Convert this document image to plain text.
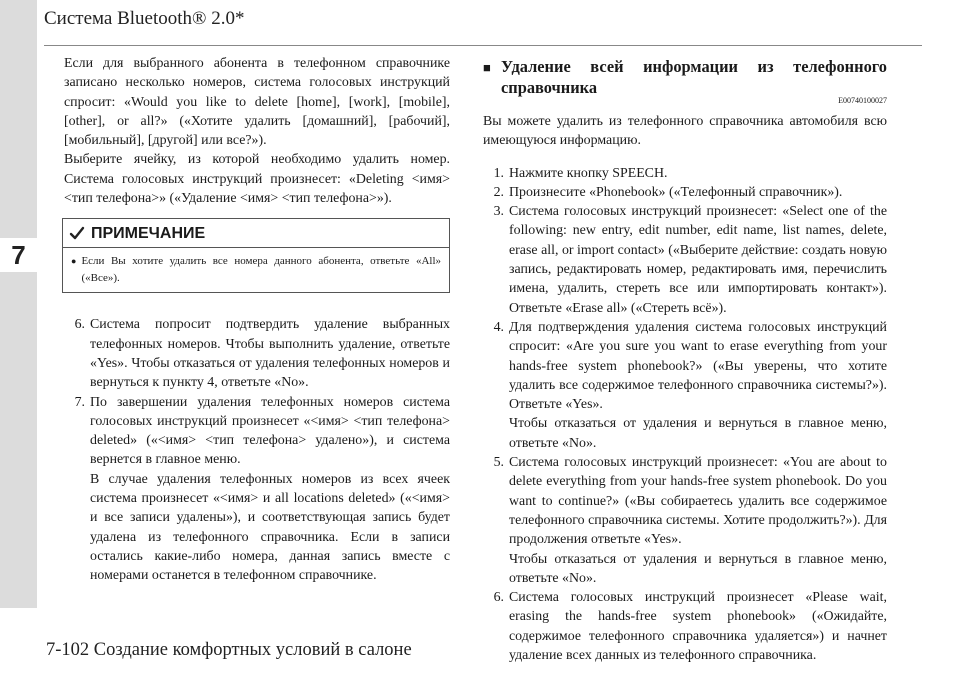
7
Система Bluetooth® 2.0*

Если для выбранного абонента в телефонном справочнике записано несколько номеров, система голосовых инструкций спросит: «Would you like to delete [home], [work], [mobile], [other], or all?» («Хотите удалить [домашний], [рабочий], [мобильный], [другой] или все?»).

Выберите ячейку, из которой необходимо удалить номер. Система голосовых инструкций произнесет: «Deleting <имя> <тип телефона>» («Удаление <имя> <тип телефона>»).

ПРИМЕЧАНИЕ
● Если Вы хотите удалить все номера данного абонента, ответьте «All» («Все»).
6. Система попросит подтвердить удаление выбранных телефонных номеров. Чтобы выполнить удаление, ответьте «Yes». Чтобы отказаться от удаления телефонных номеров и вернуться к пункту 4, ответьте «No».
7. По завершении удаления телефонных номеров система голосовых инструкций произнесет «<имя> <тип телефона> deleted» («<имя> <тип телефона> удалено»), и система вернется в главное меню.

В случае удаления телефонных номеров из всех ячеек система произнесет «<имя> и all locations deleted» («<имя> и все записи удалены»), и соответствующая запись будет удалена из телефонного справочника. Если в записи остались какие-либо номера, данная запись вместе с номерами останется в телефонном справочнике.

■ Удаление всей информации из телефонного справочника
E00740100027

Вы можете удалить из телефонного справочника автомобиля всю имеющуюся информацию.

1. Нажмите кнопку SPEECH.
2. Произнесите «Phonebook» («Телефонный справочник»).
3. Система голосовых инструкций произнесет: «Select one of the following: new entry, edit number, edit name, list names, delete, erase all, or import contact» («Выберите действие: создать новую запись, редактировать номер, редактировать имя, перечислить имена, удалить, стереть все или импортировать контакт»). Ответьте «Erase all» («Стереть всё»).
4. Для подтверждения удаления система голосовых инструкций спросит: «Are you sure you want to erase everything from your hands-free system phonebook?» («Вы уверены, что хотите удалить все содержимое телефонного справочника системы?»). Ответьте «Yes».

Чтобы отказаться от удаления и вернуться в главное меню, ответьте «No».

5. Система голосовых инструкций произнесет: «You are about to delete everything from your hands-free system phonebook. Do you want to continue?» («Вы собираетесь удалить все содержимое телефонного справочника системы. Хотите продолжить?»). Для продолжения ответьте «Yes».

Чтобы отказаться от удаления и вернуться в главное меню, ответьте «No».

6. Система голосовых инструкций произнесет «Please wait, erasing the hands-free system phonebook» («Ожидайте, содержимое телефонного справочника удаляется») и начнет удаление всех данных из телефонного справочника.
7-102 Создание комфортных условий в салоне
